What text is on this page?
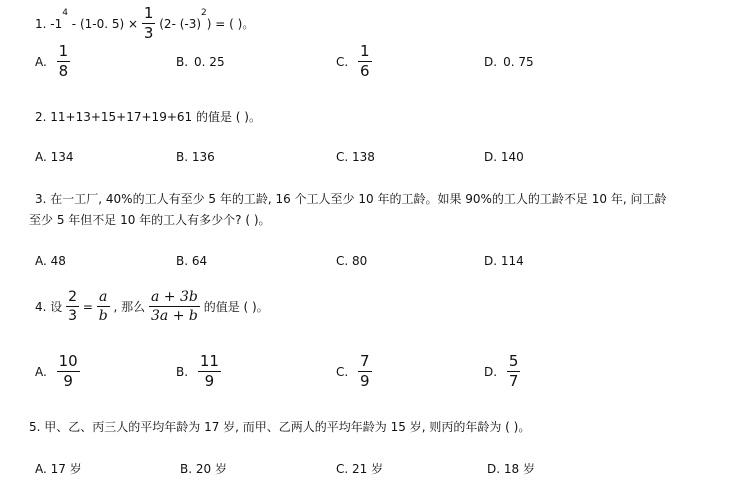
1. $-1^4 - (1-0$. $5) \times \frac{1}{3} (2-$ $(-3)^2$) = ( )。
A. $\frac{1}{8}$	B. 0. 25	C. $\frac{1}{6}$	D. 0. 75
2. 11+13+15+17+19+61 的值是 ( )。
A. 134	B. 136	C. 138	D. 140
3. 在一工厂, 40%的工人有至少 5 年的工龄, 16 个工人至少 10 年的工龄。如果 90%的工人的工龄不足 10 年, 问工龄
至少 5 年但不足 10 年的工人有多少个? ( )。
A. 48	B. 64	C. 80	D. 114
4. 设 $\frac{2}{3} = \frac{a}{b}$ , 那么 $\frac{a + 3b}{3a + b}$ 的值是 ( )。
A. $\frac{10}{9}$	B. $\frac{11}{9}$	C. $\frac{7}{9}$	D. $\frac{5}{7}$
5. 甲、乙、丙三人的平均年龄为 17 岁, 而甲、乙两人的平均年龄为 15 岁, 则丙的年龄为 ( )。
A. 17 岁	B. 20 岁	C. 21 岁	D. 18 岁
